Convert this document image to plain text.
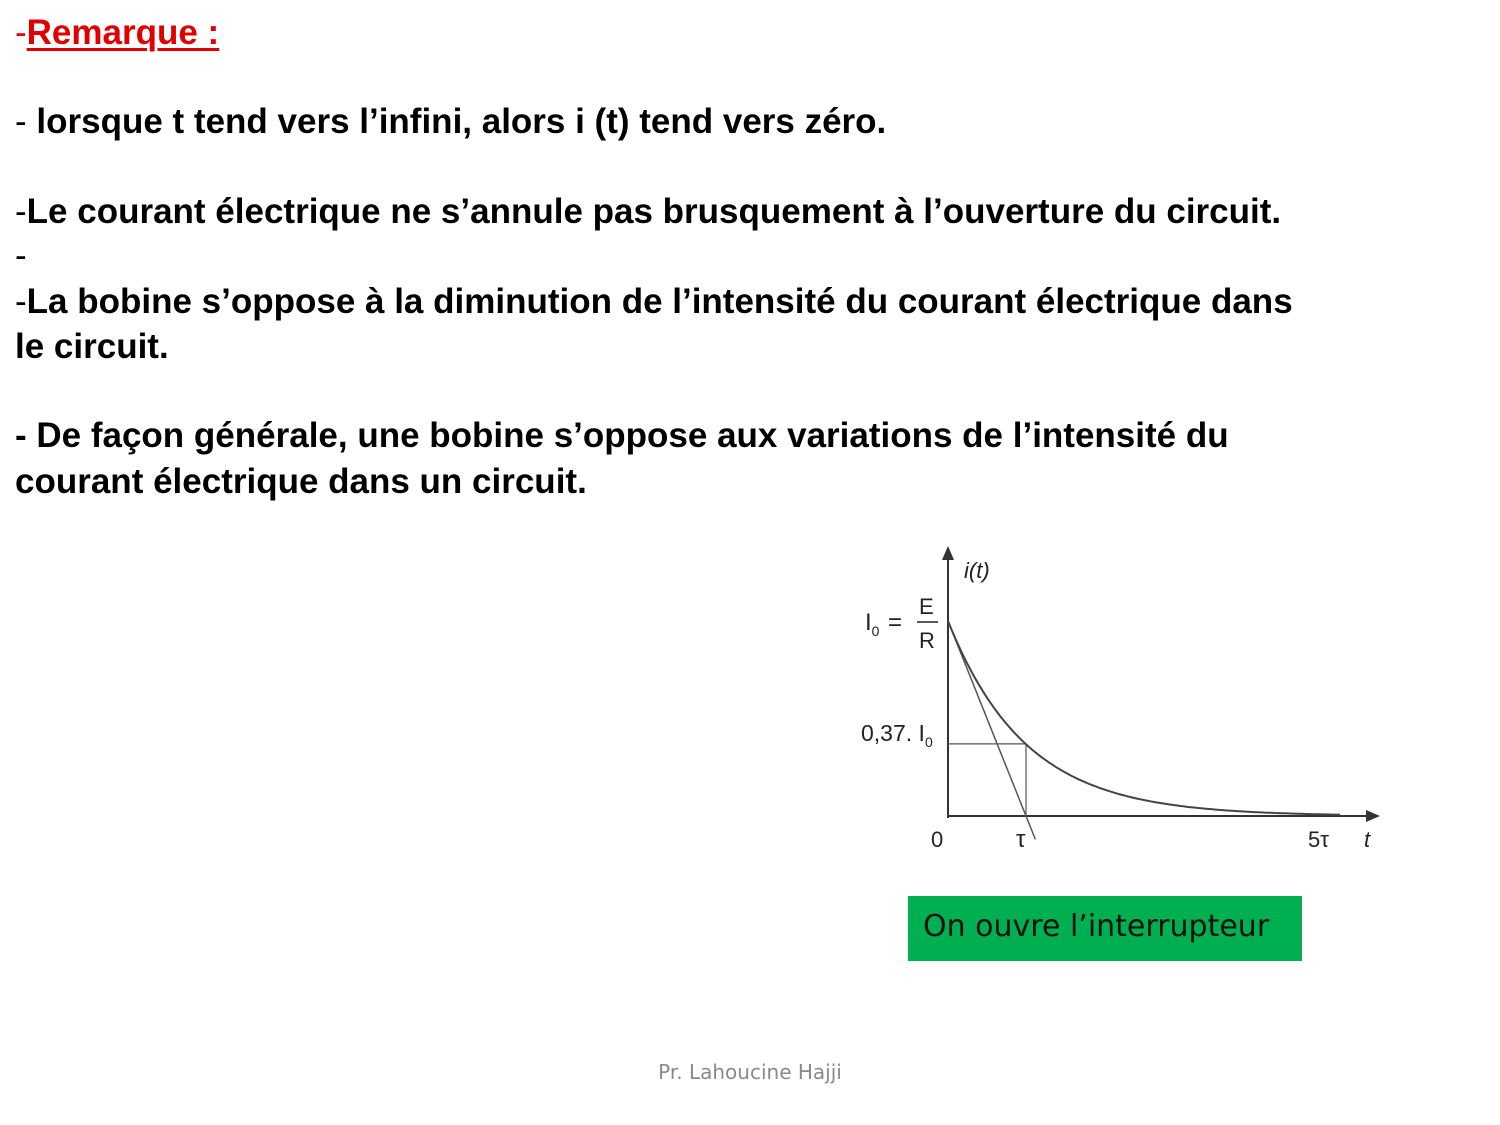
-Remarque :
- lorsque t tend vers l’infini, alors i (t) tend vers zéro.
-Le courant électrique ne s’annule pas brusquement à l’ouverture du circuit.
-
-La bobine s’oppose à la diminution de l’intensité du courant électrique dans
le circuit.
- De façon générale, une bobine s’oppose aux variations de l’intensité du
courant électrique dans un circuit.
i(t)
$I_0$ =
E
R
0,37. $I_0$
0	τ	5τ t
On ouvre l’interrupteur
Pr. Lahoucine Hajji
